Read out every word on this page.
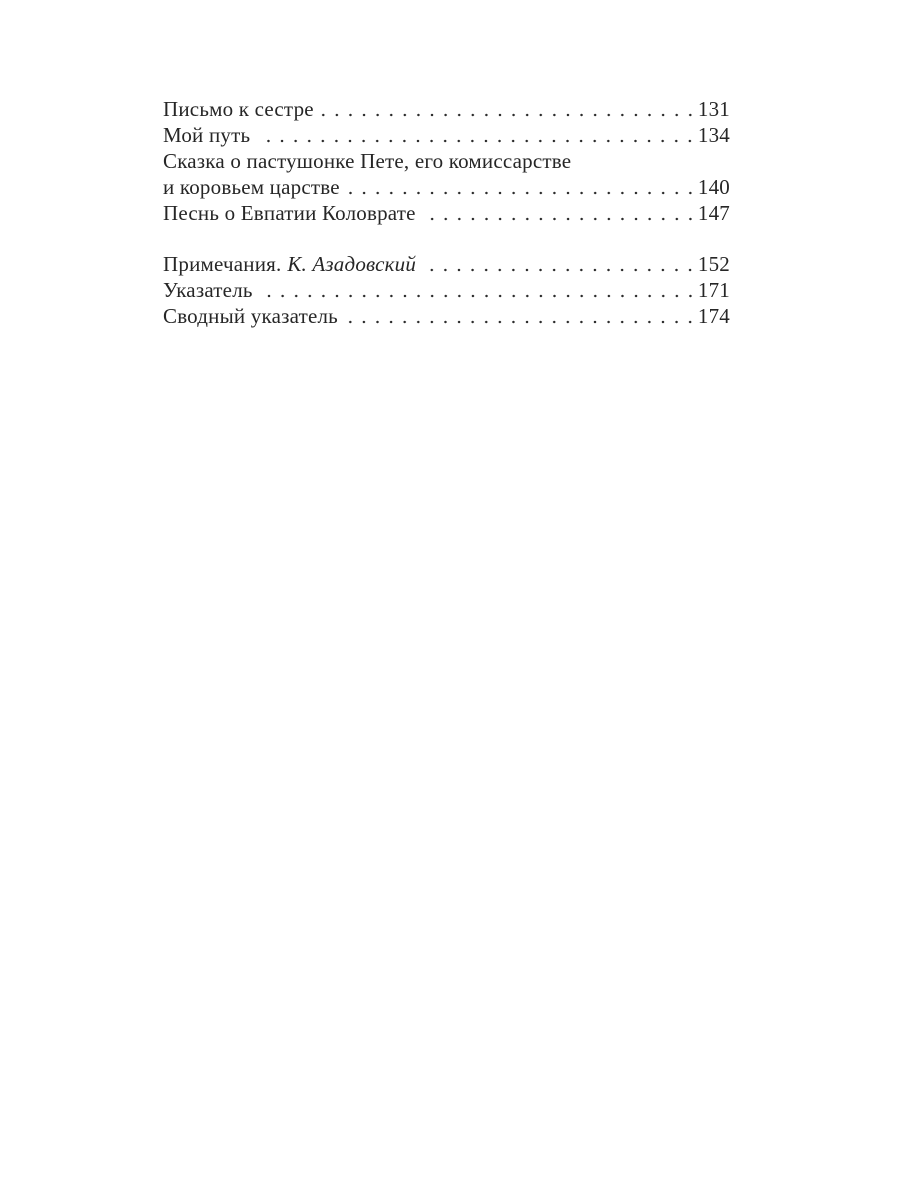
Письмо к сестре	131
Мой путь	134
Сказка о пастушонке Пете, его комиссарстве
и коровьем царстве	140
Песнь о Евпатии Коловрате	147
Примечания. К. Азадовский	152
Указатель	171
Сводный указатель	174
